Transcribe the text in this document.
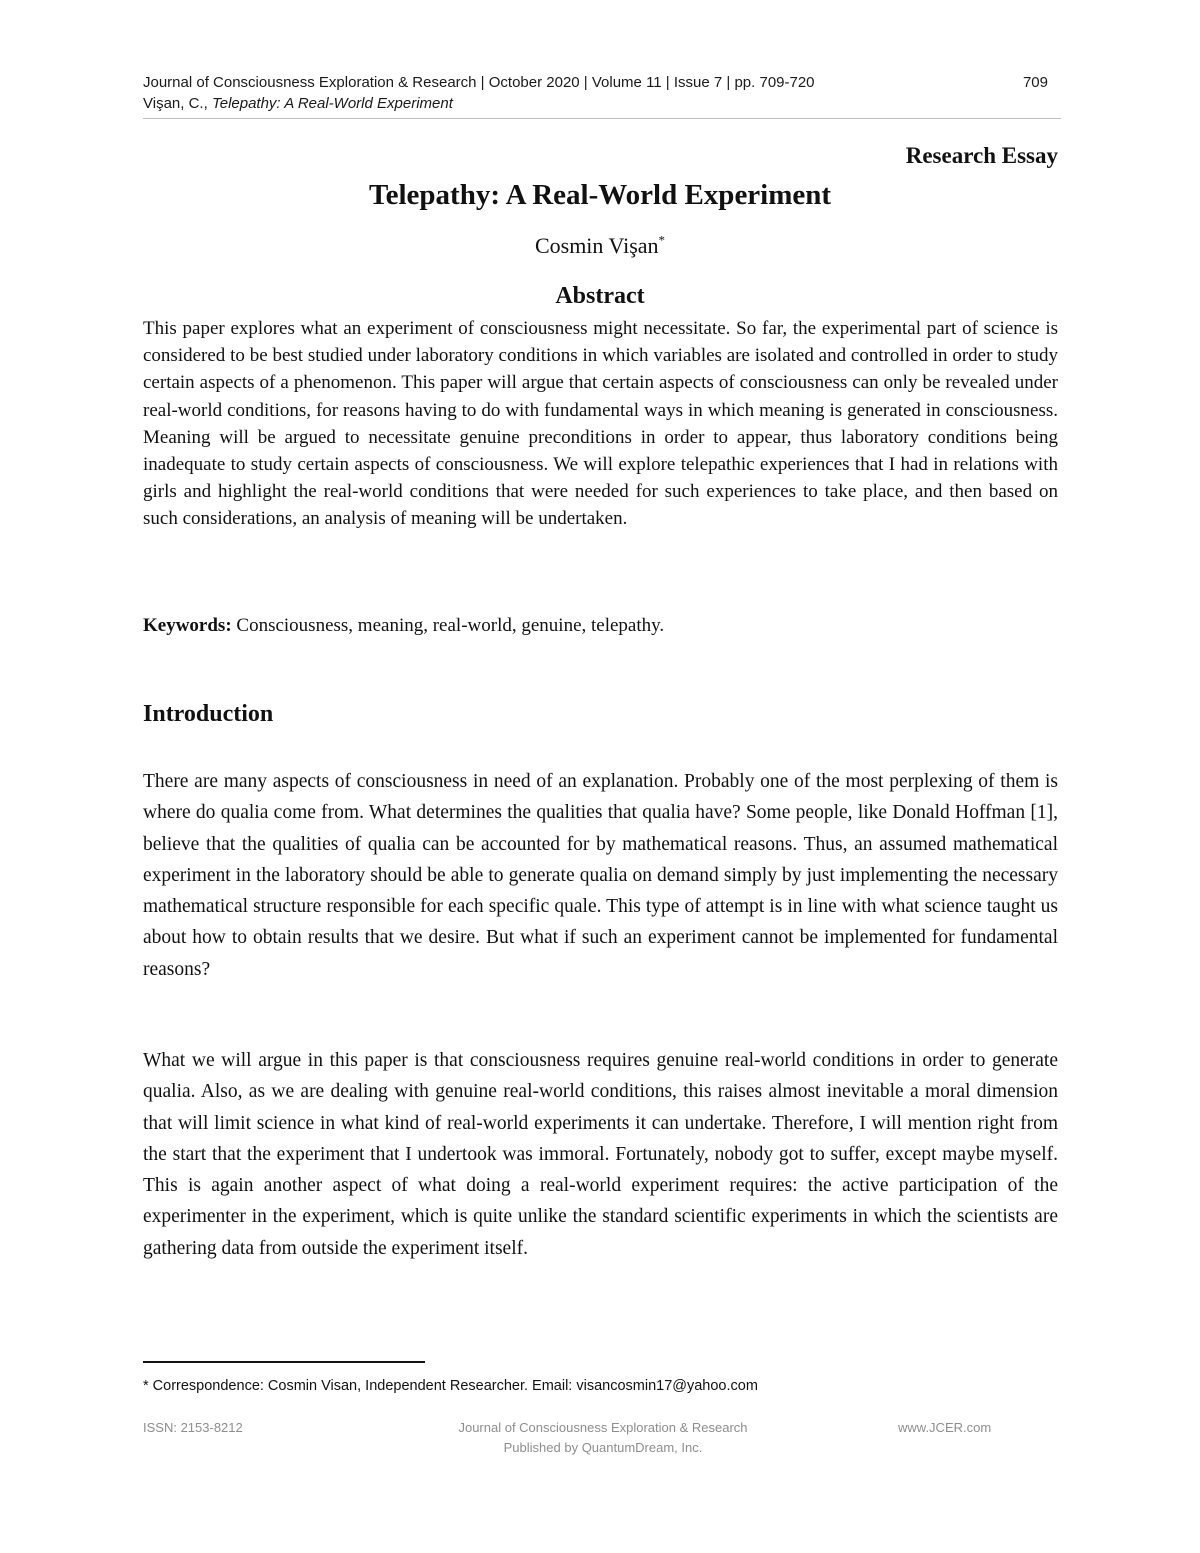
Journal of Consciousness Exploration & Research | October 2020 | Volume 11 | Issue 7 | pp. 709-720	709
Vişan, C., Telepathy: A Real-World Experiment
Research Essay
Telepathy: A Real-World Experiment
Cosmin Vişan*
Abstract

This paper explores what an experiment of consciousness might necessitate. So far, the experimental part of science is considered to be best studied under laboratory conditions in which variables are isolated and controlled in order to study certain aspects of a phenomenon. This paper will argue that certain aspects of consciousness can only be revealed under real-world conditions, for reasons having to do with fundamental ways in which meaning is generated in consciousness. Meaning will be argued to necessitate genuine preconditions in order to appear, thus laboratory conditions being inadequate to study certain aspects of consciousness. We will explore telepathic experiences that I had in relations with girls and highlight the real-world conditions that were needed for such experiences to take place, and then based on such considerations, an analysis of meaning will be undertaken.

Keywords: Consciousness, meaning, real-world, genuine, telepathy.

Introduction

There are many aspects of consciousness in need of an explanation. Probably one of the most perplexing of them is where do qualia come from. What determines the qualities that qualia have? Some people, like Donald Hoffman [1], believe that the qualities of qualia can be accounted for by mathematical reasons. Thus, an assumed mathematical experiment in the laboratory should be able to generate qualia on demand simply by just implementing the necessary mathematical structure responsible for each specific quale. This type of attempt is in line with what science taught us about how to obtain results that we desire. But what if such an experiment cannot be implemented for fundamental reasons?

What we will argue in this paper is that consciousness requires genuine real-world conditions in order to generate qualia. Also, as we are dealing with genuine real-world conditions, this raises almost inevitable a moral dimension that will limit science in what kind of real-world experiments it can undertake. Therefore, I will mention right from the start that the experiment that I undertook was immoral. Fortunately, nobody got to suffer, except maybe myself. This is again another aspect of what doing a real-world experiment requires: the active participation of the experimenter in the experiment, which is quite unlike the standard scientific experiments in which the scientists are gathering data from outside the experiment itself.

* Correspondence: Cosmin Visan, Independent Researcher. Email: visancosmin17@yahoo.com
ISSN: 2153-8212	Journal of Consciousness Exploration & Research
Published by QuantumDream, Inc.
www.JCER.com
